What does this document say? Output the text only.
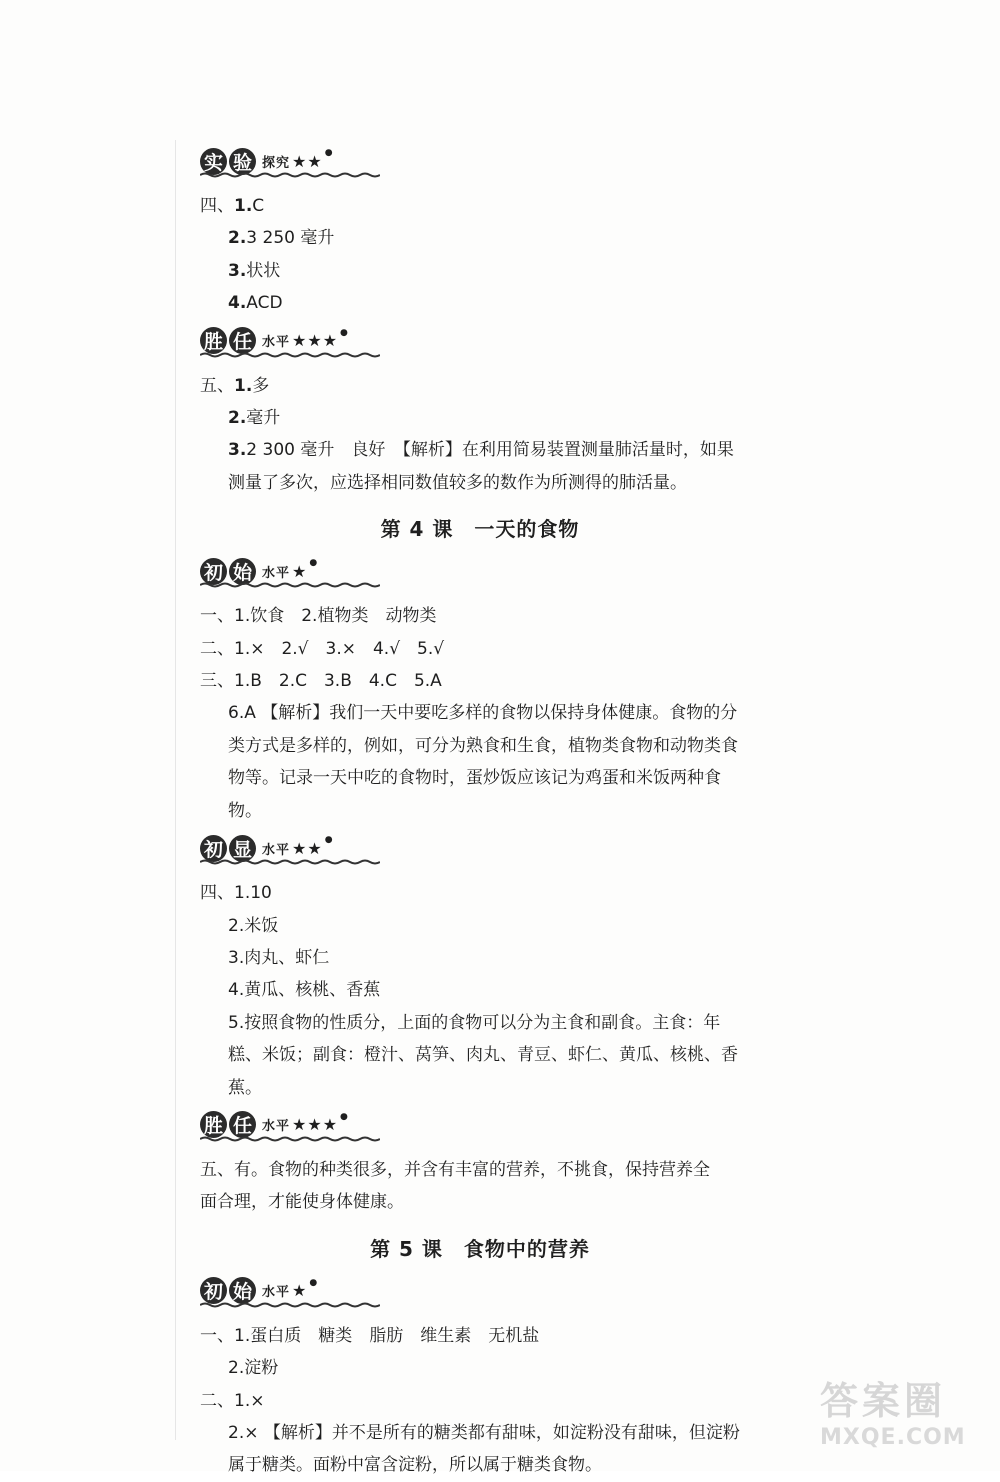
实 验 探究 ★★ ●
四、1.C
2.3 250 毫升
3.状状
4.ACD
胜 任 水平 ★★★ ●
五、1.多
2.毫升
3.2 300 毫升　良好　【解析】在利用简易装置测量肺活量时，如果测量了多次，应选择相同数值较多的数作为所测得的肺活量。
第 4 课　一天的食物
初 始 水平 ★ ●
一、1.饮食　2.植物类　动物类
二、1.×　2.√　3.×　4.√　5.√
三、1.B　2.C　3.B　4.C　5.A
6.A 【解析】我们一天中要吃多样的食物以保持身体健康。食物的分类方式是多样的，例如，可分为熟食和生食，植物类食物和动物类食物等。记录一天中吃的食物时，蛋炒饭应该记为鸡蛋和米饭两种食物。
初 显 水平 ★★ ●
四、1.10
2.米饭
3.肉丸、虾仁
4.黄瓜、核桃、香蕉
5.按照食物的性质分，上面的食物可以分为主食和副食。主食：年糕、米饭；副食：橙汁、莴笋、肉丸、青豆、虾仁、黄瓜、核桃、香蕉。
胜 任 水平 ★★★ ●
五、有。食物的种类很多，并含有丰富的营养，不挑食，保持营养全面合理，才能使身体健康。
第 5 课　食物中的营养
初 始 水平 ★ ●
一、1.蛋白质　糖类　脂肪　维生素　无机盐
2.淀粉
二、1.×
2.× 【解析】并不是所有的糖类都有甜味，如淀粉没有甜味，但淀粉属于糖类。面粉中富含淀粉，所以属于糖类食物。
答案圈
MXQE.COM
